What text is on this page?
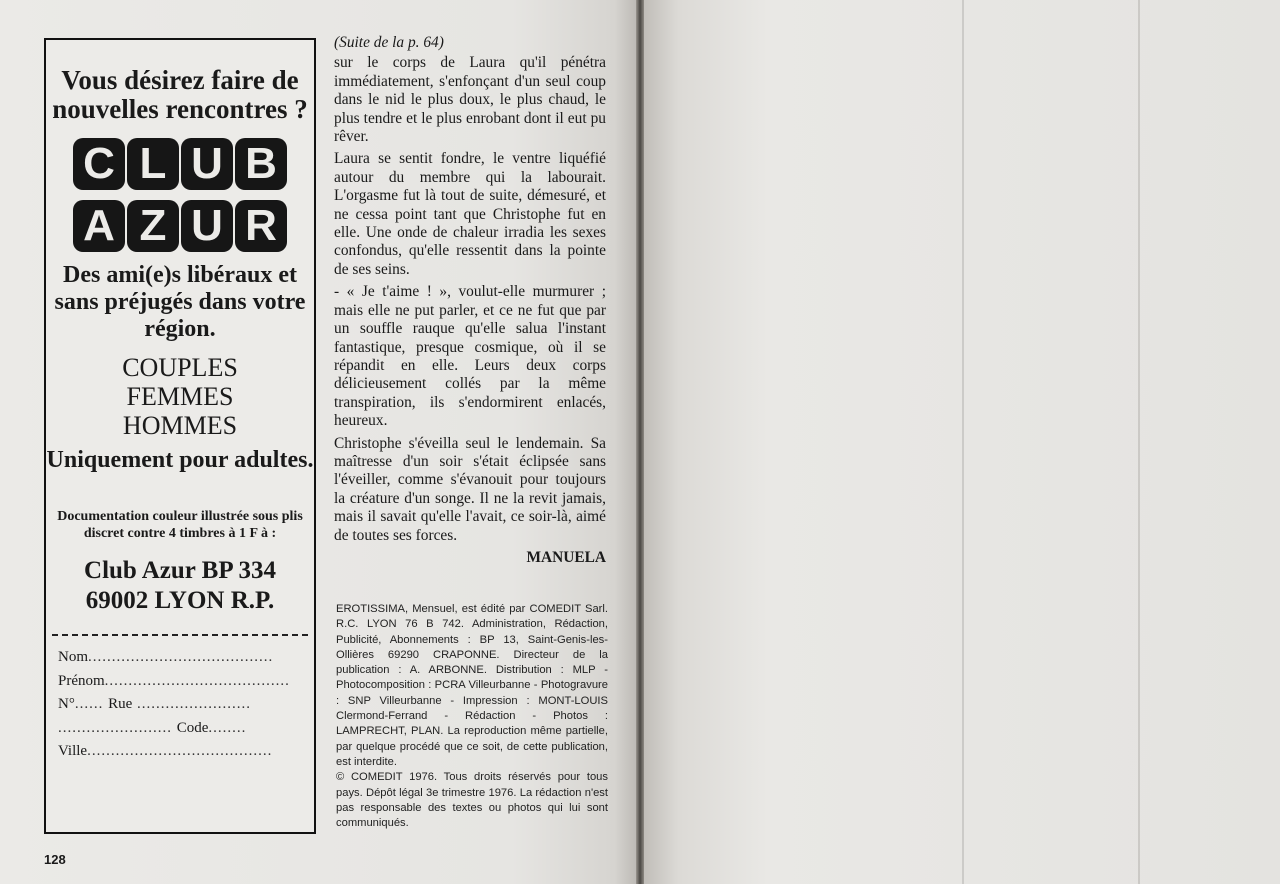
Vous désirez faire de nouvelles rencontres ?
C L U B
A Z U R
Des ami(e)s libéraux et sans préjugés dans votre région.
COUPLES
FEMMES
HOMMES
Uniquement pour adultes.
Documentation couleur illustrée sous plis discret contre 4 timbres à 1 F à :
Club Azur BP 334
69002 LYON R.P.
Nom.......................................
Prénom.......................................
N°...... Rue ........................
........................ Code........
Ville.......................................
(Suite de la p. 64)

sur le corps de Laura qu'il pénétra immédiatement, s'enfonçant d'un seul coup dans le nid le plus doux, le plus chaud, le plus tendre et le plus enrobant dont il eut pu rêver.

Laura se sentit fondre, le ventre liquéfié autour du membre qui la labourait. L'orgasme fut là tout de suite, démesuré, et ne cessa point tant que Christophe fut en elle. Une onde de chaleur irradia les sexes confondus, qu'elle ressentit dans la pointe de ses seins.

- « Je t'aime ! », voulut-elle murmurer ; mais elle ne put parler, et ce ne fut que par un souffle rauque qu'elle salua l'instant fantastique, presque cosmique, où il se répandit en elle. Leurs deux corps délicieusement collés par la même transpiration, ils s'endormirent enlacés, heureux.

Christophe s'éveilla seul le lendemain. Sa maîtresse d'un soir s'était éclipsée sans l'éveiller, comme s'évanouit pour toujours la créature d'un songe. Il ne la revit jamais, mais il savait qu'elle l'avait, ce soir-là, aimé de toutes ses forces.

MANUELA

EROTISSIMA, Mensuel, est édité par COMEDIT Sarl. R.C. LYON 76 B 742. Administration, Rédaction, Publicité, Abonnements : BP 13, Saint-Genis-les-Ollières 69290 CRAPONNE. Directeur de la publication : A. ARBONNE. Distribution : MLP - Photocomposition : PCRA Villeurbanne - Photogravure : SNP Villeurbanne - Impression : MONT-LOUIS Clermond-Ferrand - Rédaction - Photos : LAMPRECHT, PLAN. La reproduction même partielle, par quelque procédé que ce soit, de cette publication, est interdite.

© COMEDIT 1976. Tous droits réservés pour tous pays. Dépôt légal 3e trimestre 1976. La rédaction n'est pas responsable des textes ou photos qui lui sont communiqués.

128
